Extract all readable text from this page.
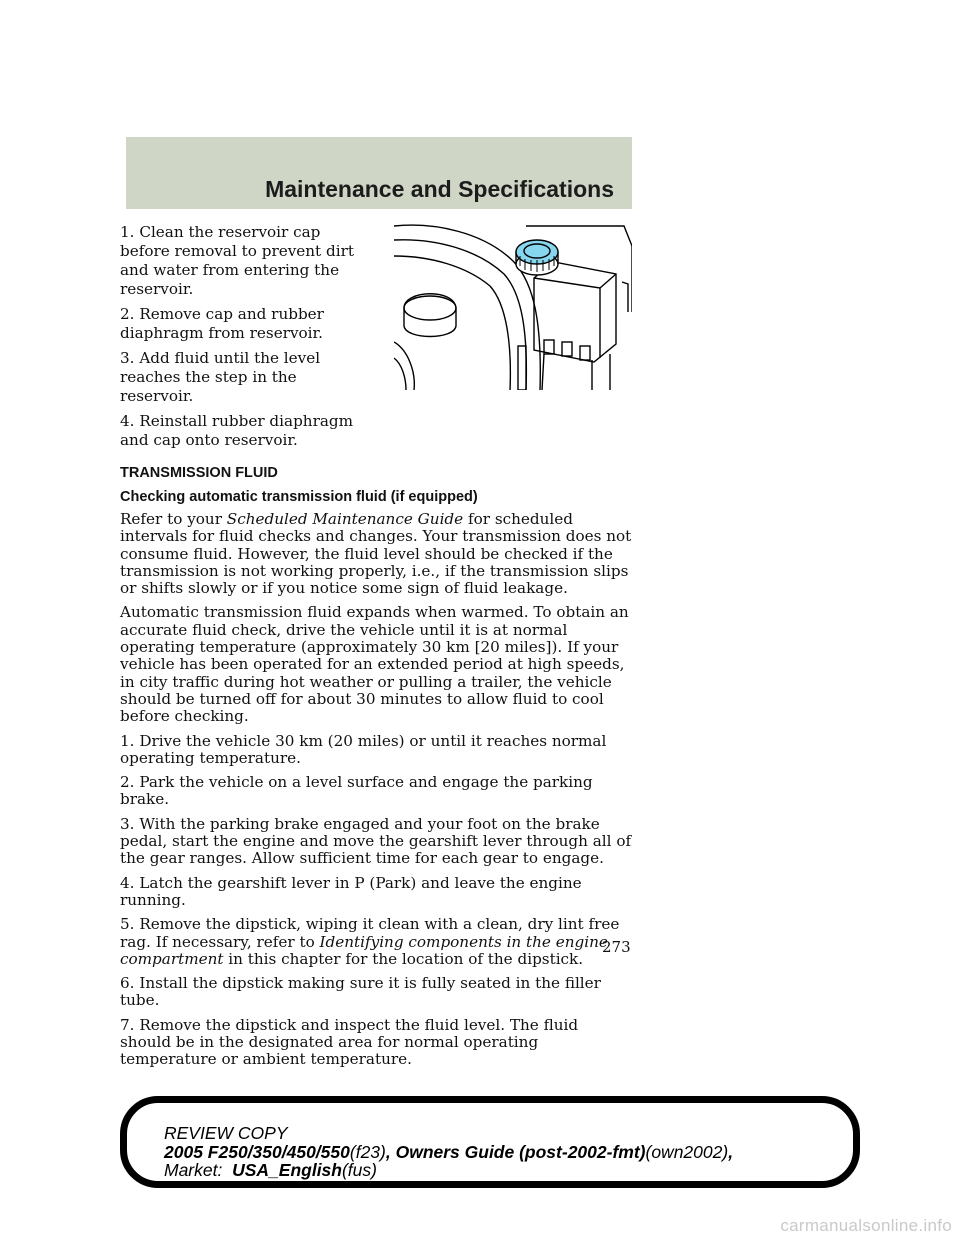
Maintenance and Specifications

1. Clean the reservoir cap before removal to prevent dirt and water from entering the reservoir.

2. Remove cap and rubber diaphragm from reservoir.

3. Add fluid until the level reaches the step in the reservoir.

4. Reinstall rubber diaphragm and cap onto reservoir.

TRANSMISSION FLUID
Checking automatic transmission fluid (if equipped)

Refer to your Scheduled Maintenance Guide for scheduled intervals for fluid checks and changes. Your transmission does not consume fluid. However, the fluid level should be checked if the transmission is not working properly, i.e., if the transmission slips or shifts slowly or if you notice some sign of fluid leakage.

Automatic transmission fluid expands when warmed. To obtain an accurate fluid check, drive the vehicle until it is at normal operating temperature (approximately 30 km [20 miles]). If your vehicle has been operated for an extended period at high speeds, in city traffic during hot weather or pulling a trailer, the vehicle should be turned off for about 30 minutes to allow fluid to cool before checking.

1. Drive the vehicle 30 km (20 miles) or until it reaches normal operating temperature.

2. Park the vehicle on a level surface and engage the parking brake.

3. With the parking brake engaged and your foot on the brake pedal, start the engine and move the gearshift lever through all of the gear ranges. Allow sufficient time for each gear to engage.

4. Latch the gearshift lever in P (Park) and leave the engine running.

5. Remove the dipstick, wiping it clean with a clean, dry lint free rag. If necessary, refer to Identifying components in the engine compartment in this chapter for the location of the dipstick.

6. Install the dipstick making sure it is fully seated in the filler tube.

7. Remove the dipstick and inspect the fluid level. The fluid should be in the designated area for normal operating temperature or ambient temperature.

273
REVIEW COPY
2005 F250/350/450/550(f23), Owners Guide (post-2002-fmt)(own2002),
Market: USA_English(fus)
carmanualsonline.info
